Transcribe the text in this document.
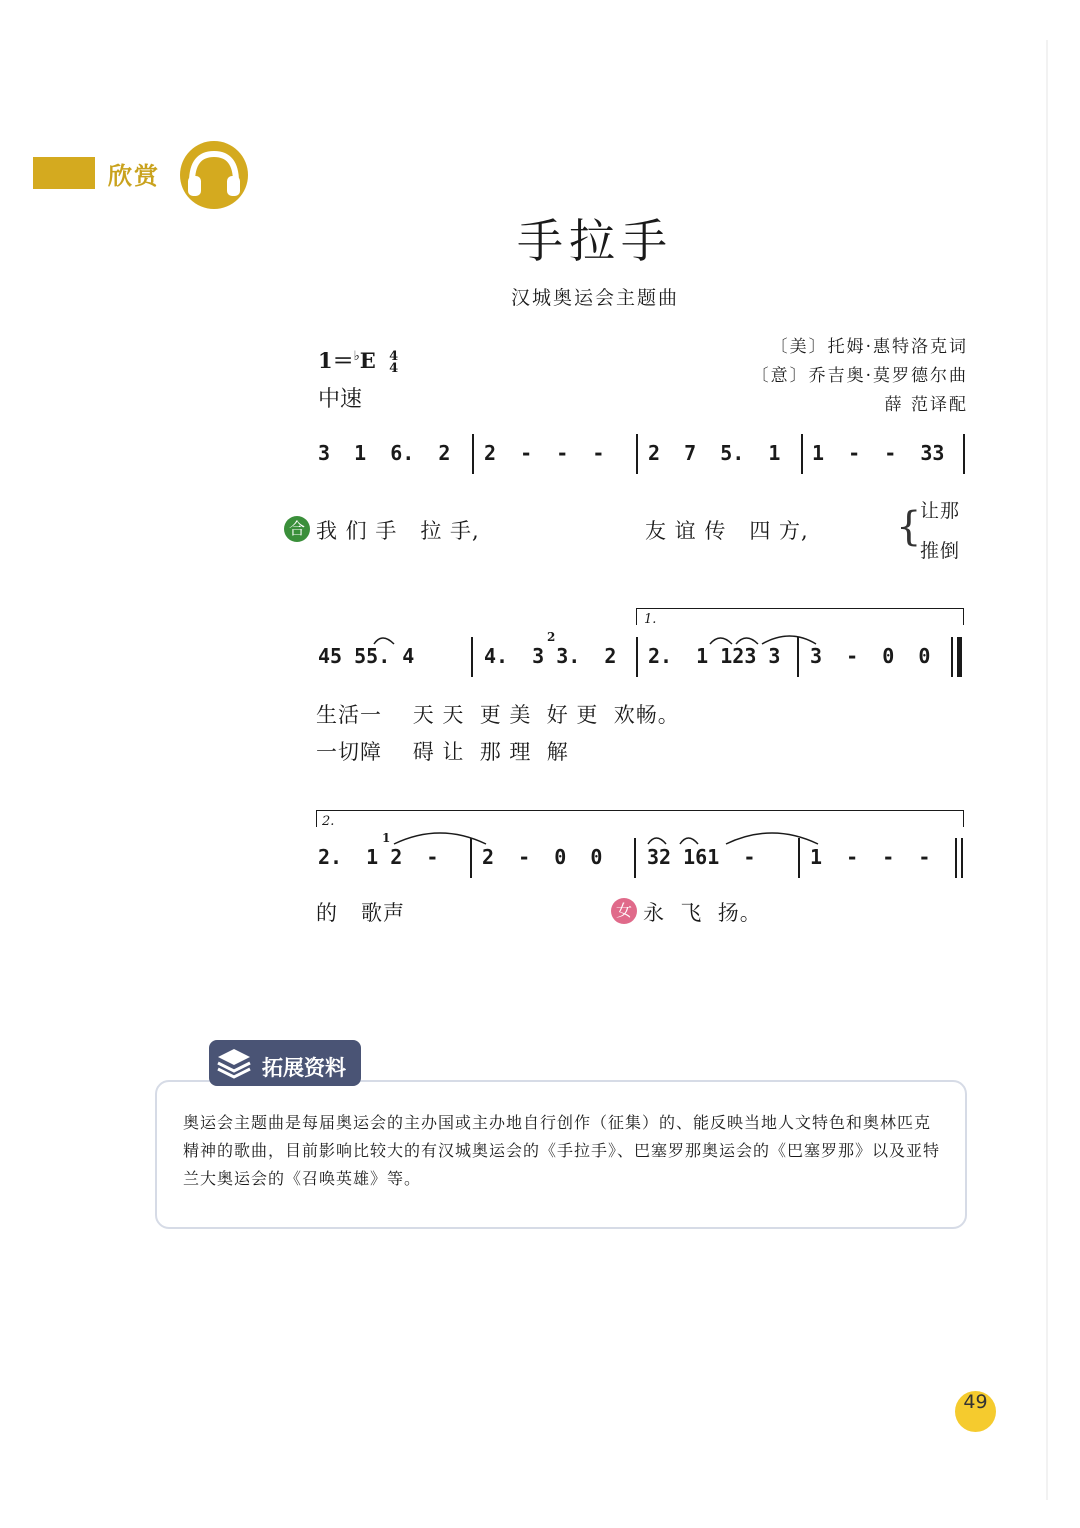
欣赏
手拉手
汉城奥运会主题曲
1＝♭E 4
4
中速
〔美〕托姆·惠特洛克词
〔意〕乔吉奥·莫罗德尔曲
薛 范译配
3  1  6.  2 2  -  -  - 2  7  5.  1 1  -  -  33
合 我 们 手   拉 手,	友 谊 传   四 方, {
让那
推倒
1.
45 55. 4	4.  3 3.  2
2
2.  1 123 3 3  -  0  0
生活一    天 天  更 美  好 更  欢畅。
一切障    碍 让  那 理  解
2.
2.  1 2  -
1
2  -  0  0 32 161  -	1  -  -  -
的   歌声	女 永  飞  扬。
拓展资料
奥运会主题曲是每届奥运会的主办国或主办地自行创作（征集）的、能反映当地人文特色和奥林匹克精神的歌曲，目前影响比较大的有汉城奥运会的《手拉手》、巴塞罗那奥运会的《巴塞罗那》以及亚特兰大奥运会的《召唤英雄》等。
49
